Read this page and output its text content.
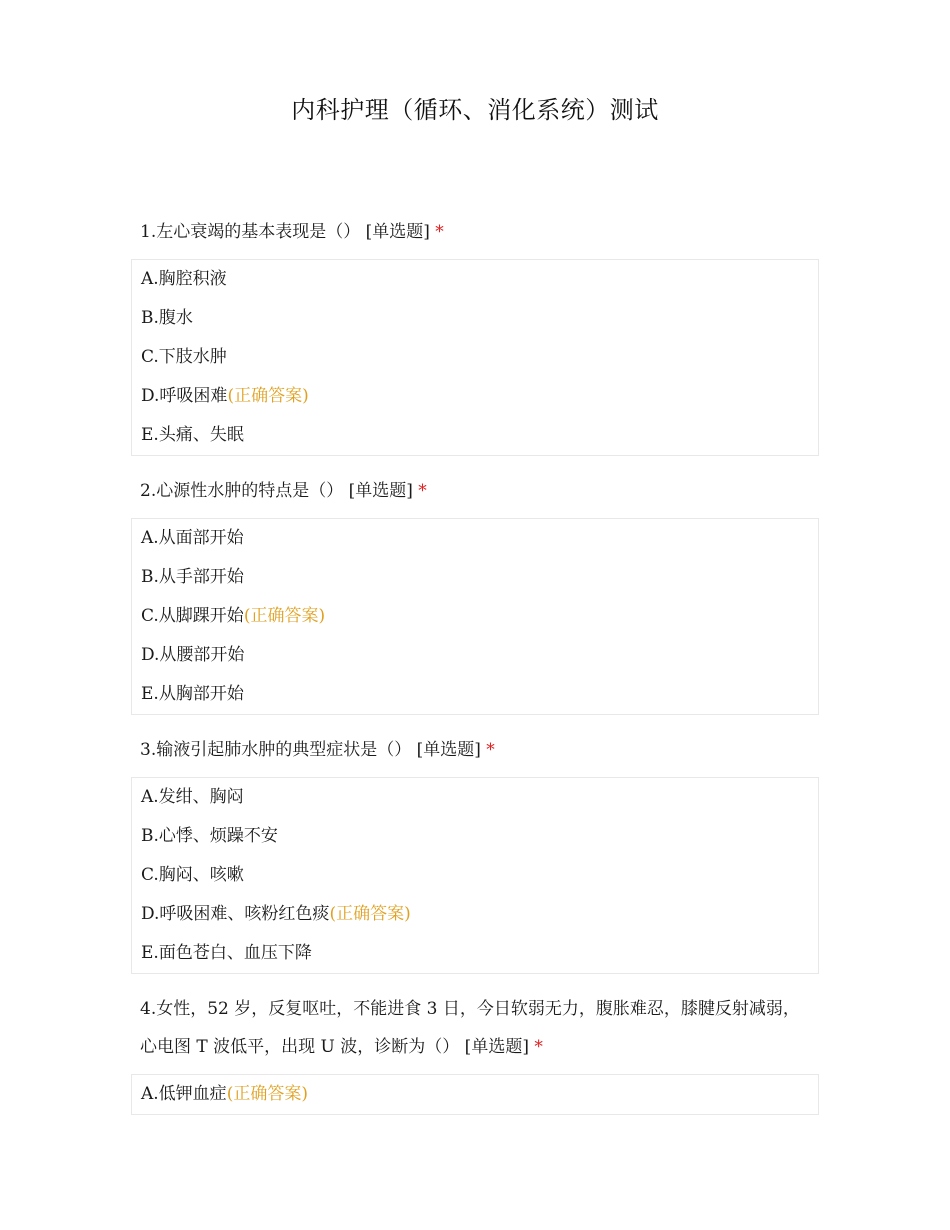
内科护理（循环、消化系统）测试
1.左心衰竭的基本表现是（） [单选题] *
A.胸腔积液
B.腹水
C.下肢水肿
D.呼吸困难(正确答案)
E.头痛、失眠
2.心源性水肿的特点是（） [单选题] *
A.从面部开始
B.从手部开始
C.从脚踝开始(正确答案)
D.从腰部开始
E.从胸部开始
3.输液引起肺水肿的典型症状是（） [单选题] *
A.发绀、胸闷
B.心悸、烦躁不安
C.胸闷、咳嗽
D.呼吸困难、咳粉红色痰(正确答案)
E.面色苍白、血压下降
4.女性，52 岁，反复呕吐，不能进食 3 日，今日软弱无力，腹胀难忍，膝腱反射减弱，心电图 T 波低平，出现 U 波，诊断为（） [单选题] *
A.低钾血症(正确答案)
